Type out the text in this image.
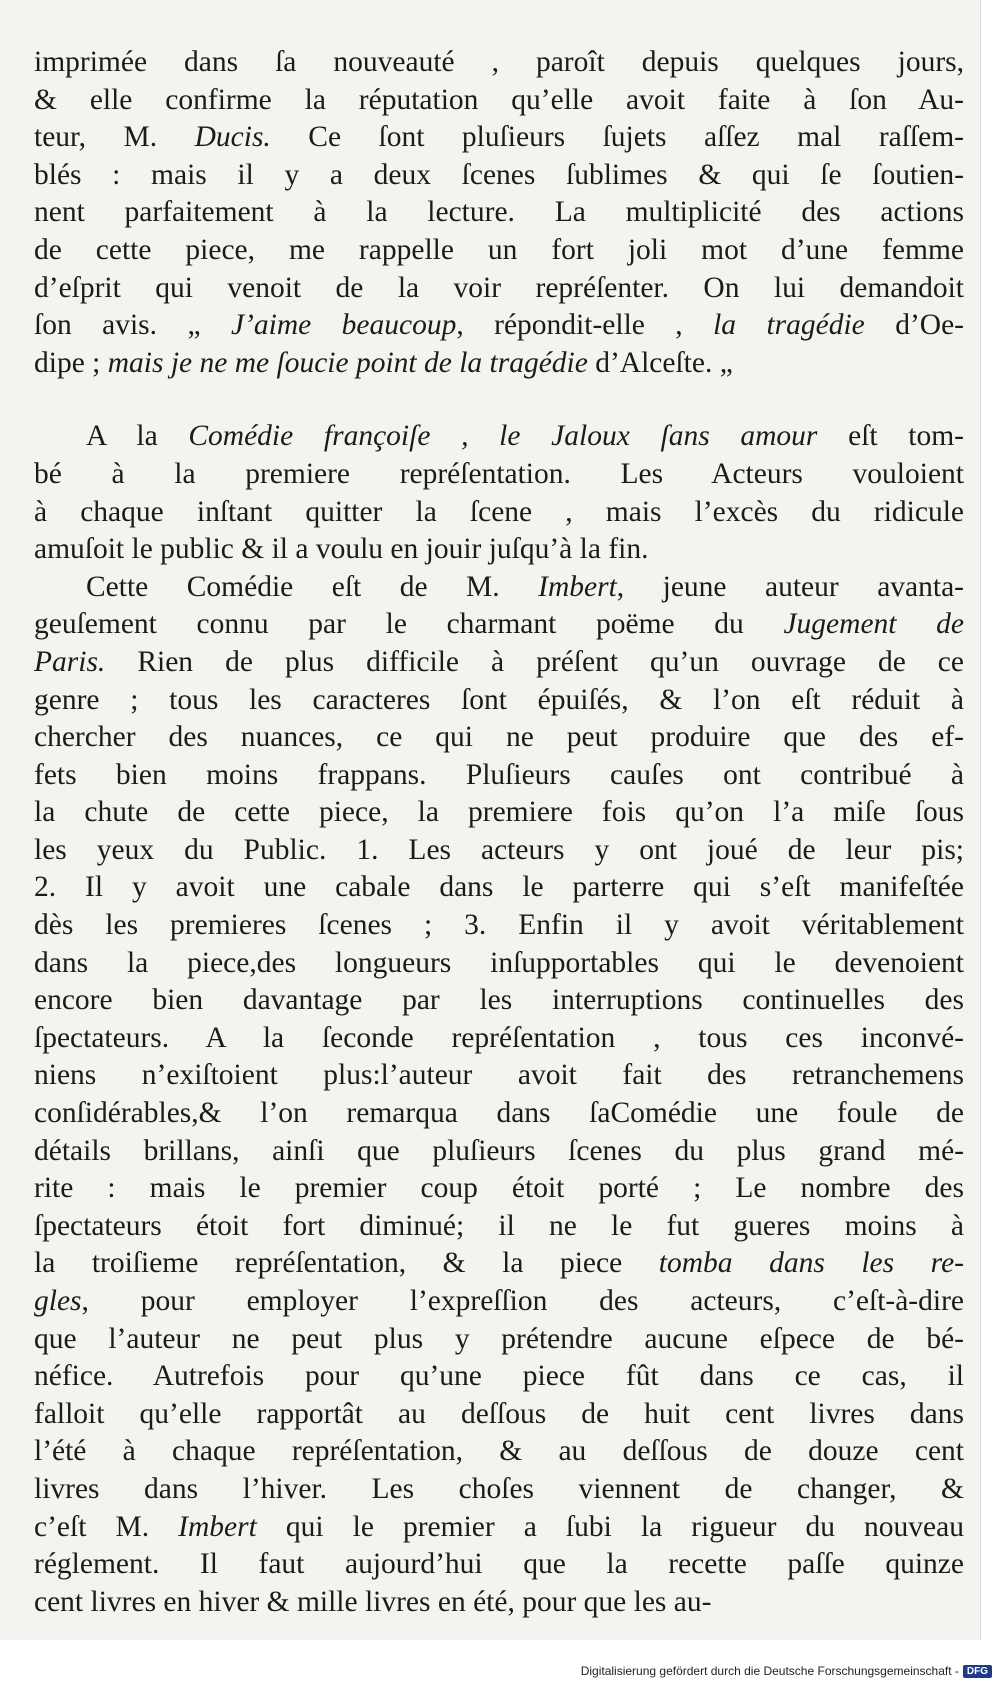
imprimée dans ſa nouveauté , paroît depuis quelques jours,
& elle confirme la réputation qu’elle avoit faite à ſon Au-
teur, M. Ducis. Ce ſont pluſieurs ſujets aſſez mal raſſem-
blés : mais il y a deux ſcenes ſublimes & qui ſe ſoutien-
nent parfaitement à la lecture. La multiplicité des actions
de cette piece, me rappelle un fort joli mot d’une femme
d’eſprit qui venoit de la voir repréſenter. On lui demandoit
ſon avis. „ J’aime beaucoup, répondit-elle , la tragédie d’Oe-
dipe ; mais je ne me ſoucie point de la tragédie d’Alceſte. „
A la Comédie françoiſe , le Jaloux ſans amour eſt tom-
bé à la premiere repréſentation. Les Acteurs vouloient
à chaque inſtant quitter la ſcene , mais l’excès du ridicule
amuſoit le public & il a voulu en jouir juſqu’à la fin.
Cette Comédie eſt de M. Imbert, jeune auteur avanta-
geuſement connu par le charmant poëme du Jugement de
Paris. Rien de plus difficile à préſent qu’un ouvrage de ce
genre ; tous les caracteres ſont épuiſés, & l’on eſt réduit à
chercher des nuances, ce qui ne peut produire que des ef-
fets bien moins frappans. Pluſieurs cauſes ont contribué à
la chute de cette piece, la premiere fois qu’on l’a miſe ſous
les yeux du Public. 1. Les acteurs y ont joué de leur pis;
2. Il y avoit une cabale dans le parterre qui s’eſt manifeſtée
dès les premieres ſcenes ; 3. Enfin il y avoit véritablement
dans la piece,des longueurs inſupportables qui le devenoient
encore bien davantage par les interruptions continuelles des
ſpectateurs. A la ſeconde repréſentation , tous ces inconvé-
niens n’exiſtoient plus:l’auteur avoit fait des retranchemens
conſidérables,& l’on remarqua dans ſaComédie une foule de
détails brillans, ainſi que pluſieurs ſcenes du plus grand mé-
rite : mais le premier coup étoit porté ; Le nombre des
ſpectateurs étoit fort diminué; il ne le fut gueres moins à
la troiſieme repréſentation, & la piece tomba dans les re-
gles, pour employer l’expreſſion des acteurs, c’eſt-à-dire
que l’auteur ne peut plus y prétendre aucune eſpece de bé-
néfice. Autrefois pour qu’une piece fût dans ce cas, il
falloit qu’elle rapportât au deſſous de huit cent livres dans
l’été à chaque repréſentation, & au deſſous de douze cent
livres dans l’hiver. Les choſes viennent de changer, &
c’eſt M. Imbert qui le premier a ſubi la rigueur du nouveau
réglement. Il faut aujourd’hui que la recette paſſe quinze
cent livres en hiver & mille livres en été, pour que les au-
Digitalisierung gefördert durch die Deutsche Forschungsgemeinschaft - DFG
